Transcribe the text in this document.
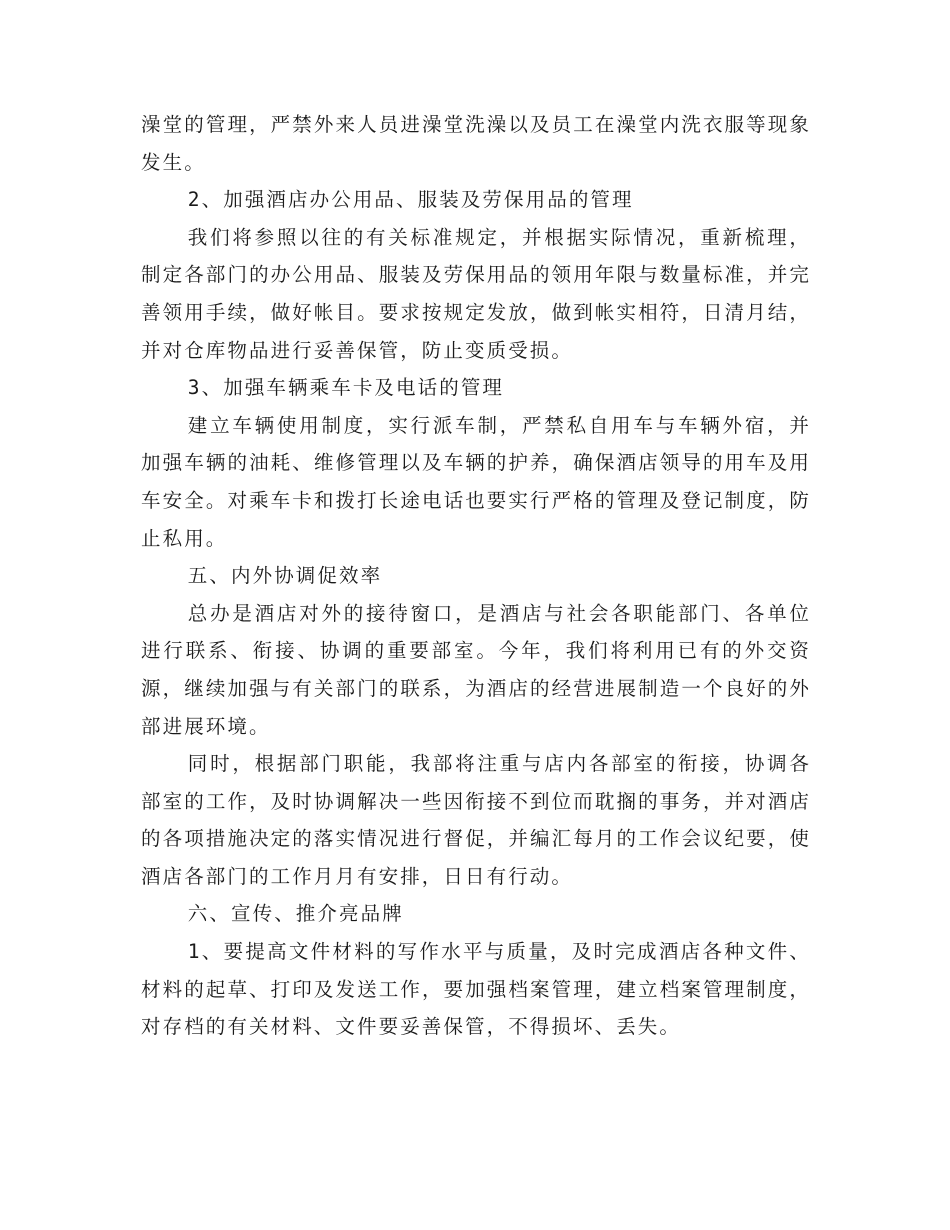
澡堂的管理，严禁外来人员进澡堂洗澡以及员工在澡堂内洗衣服等现象发生。

2、加强酒店办公用品、服装及劳保用品的管理

我们将参照以往的有关标准规定，并根据实际情况，重新梳理，制定各部门的办公用品、服装及劳保用品的领用年限与数量标准，并完善领用手续，做好帐目。要求按规定发放，做到帐实相符，日清月结，并对仓库物品进行妥善保管，防止变质受损。

3、加强车辆乘车卡及电话的管理

建立车辆使用制度，实行派车制，严禁私自用车与车辆外宿，并加强车辆的油耗、维修管理以及车辆的护养，确保酒店领导的用车及用车安全。对乘车卡和拨打长途电话也要实行严格的管理及登记制度，防止私用。

五、内外协调促效率

总办是酒店对外的接待窗口，是酒店与社会各职能部门、各单位进行联系、衔接、协调的重要部室。今年，我们将利用已有的外交资源，继续加强与有关部门的联系，为酒店的经营进展制造一个良好的外部进展环境。

同时，根据部门职能，我部将注重与店内各部室的衔接，协调各部室的工作，及时协调解决一些因衔接不到位而耽搁的事务，并对酒店的各项措施决定的落实情况进行督促，并编汇每月的工作会议纪要，使酒店各部门的工作月月有安排，日日有行动。

六、宣传、推介亮品牌

1、要提高文件材料的写作水平与质量，及时完成酒店各种文件、材料的起草、打印及发送工作，要加强档案管理，建立档案管理制度，对存档的有关材料、文件要妥善保管，不得损坏、丢失。
